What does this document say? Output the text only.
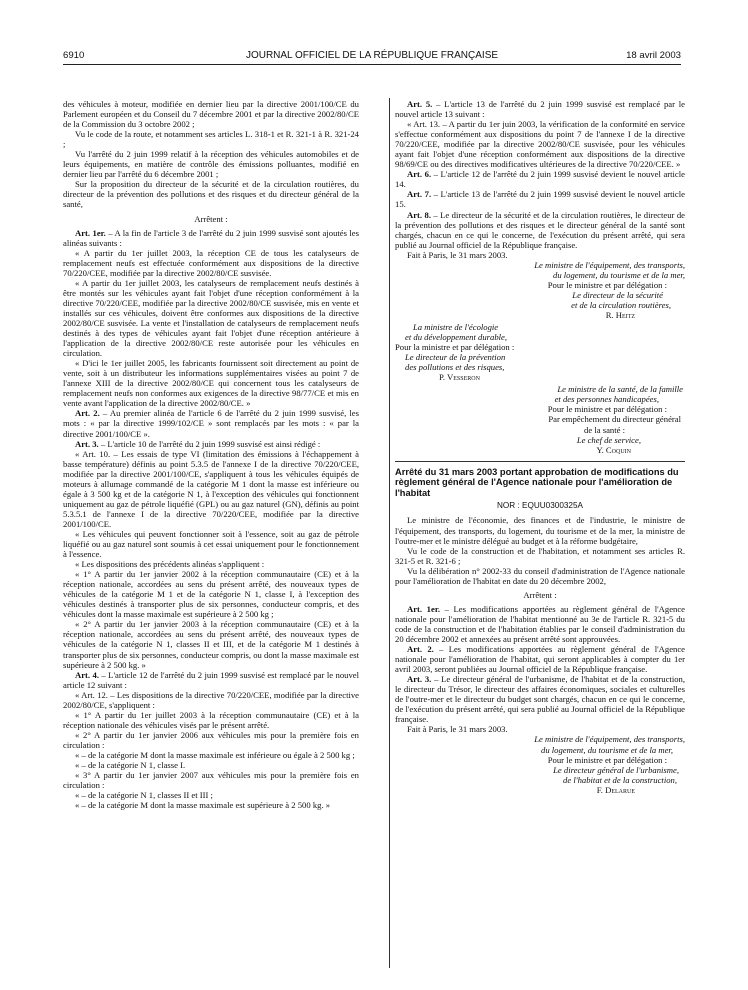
6910	JOURNAL OFFICIEL DE LA RÉPUBLIQUE FRANÇAISE	18 avril 2003

des véhicules à moteur, modifiée en dernier lieu par la directive 2001/100/CE du Parlement européen et du Conseil du 7 décembre 2001 et par la directive 2002/80/CE de la Commission du 3 octobre 2002 ;

Vu le code de la route, et notamment ses articles L. 318-1 et R. 321-1 à R. 321-24 ;

Vu l'arrêté du 2 juin 1999 relatif à la réception des véhicules automobiles et de leurs équipements, en matière de contrôle des émissions polluantes, modifié en dernier lieu par l'arrêté du 6 décembre 2001 ;

Sur la proposition du directeur de la sécurité et de la circulation routières, du directeur de la prévention des pollutions et des risques et du directeur général de la santé,

Arrêtent :

Art. 1er. – A la fin de l'article 3 de l'arrêté du 2 juin 1999 susvisé sont ajoutés les alinéas suivants :

« A partir du 1er juillet 2003, la réception CE de tous les catalyseurs de remplacement neufs est effectuée conformément aux dispositions de la directive 70/220/CEE, modifiée par la directive 2002/80/CE susvisée.

« A partir du 1er juillet 2003, les catalyseurs de remplacement neufs destinés à être montés sur les véhicules ayant fait l'objet d'une réception conformément à la directive 70/220/CEE, modifiée par la directive 2002/80/CE susvisée, mis en vente et installés sur ces véhicules, doivent être conformes aux dispositions de la directive 2002/80/CE susvisée. La vente et l'installation de catalyseurs de remplacement neufs destinés à des types de véhicules ayant fait l'objet d'une réception antérieure à l'application de la directive 2002/80/CE reste autorisée pour les véhicules en circulation.

« D'ici le 1er juillet 2005, les fabricants fournissent soit directement au point de vente, soit à un distributeur les informations supplémentaires visées au point 7 de l'annexe XIII de la directive 2002/80/CE qui concernent tous les catalyseurs de remplacement neufs non conformes aux exigences de la directive 98/77/CE et mis en vente avant l'application de la directive 2002/80/CE. »

Art. 2. – Au premier alinéa de l'article 6 de l'arrêté du 2 juin 1999 susvisé, les mots : « par la directive 1999/102/CE » sont remplacés par les mots : « par la directive 2001/100/CE ».

Art. 3. – L'article 10 de l'arrêté du 2 juin 1999 susvisé est ainsi rédigé :

« Art. 10. – Les essais de type VI (limitation des émissions à l'échappement à basse température) définis au point 5.3.5 de l'annexe I de la directive 70/220/CEE, modifiée par la directive 2001/100/CE, s'appliquent à tous les véhicules équipés de moteurs à allumage commandé de la catégorie M 1 dont la masse est inférieure ou égale à 3 500 kg et de la catégorie N 1, à l'exception des véhicules qui fonctionnent uniquement au gaz de pétrole liquéfié (GPL) ou au gaz naturel (GN), définis au point 5.3.5.1 de l'annexe I de la directive 70/220/CEE, modifiée par la directive 2001/100/CE.

« Les véhicules qui peuvent fonctionner soit à l'essence, soit au gaz de pétrole liquéfié ou au gaz naturel sont soumis à cet essai uniquement pour le fonctionnement à l'essence.

« Les dispositions des précédents alinéas s'appliquent :

« 1° A partir du 1er janvier 2002 à la réception communautaire (CE) et à la réception nationale, accordées au sens du présent arrêté, des nouveaux types de véhicules de la catégorie M 1 et de la catégorie N 1, classe I, à l'exception des véhicules destinés à transporter plus de six personnes, conducteur compris, et des véhicules dont la masse maximale est supérieure à 2 500 kg ;

« 2° A partir du 1er janvier 2003 à la réception communautaire (CE) et à la réception nationale, accordées au sens du présent arrêté, des nouveaux types de véhicules de la catégorie N 1, classes II et III, et de la catégorie M 1 destinés à transporter plus de six personnes, conducteur compris, ou dont la masse maximale est supérieure à 2 500 kg. »

Art. 4. – L'article 12 de l'arrêté du 2 juin 1999 susvisé est remplacé par le nouvel article 12 suivant :

« Art. 12. – Les dispositions de la directive 70/220/CEE, modifiée par la directive 2002/80/CE, s'appliquent :

« 1° A partir du 1er juillet 2003 à la réception communautaire (CE) et à la réception nationale des véhicules visés par le présent arrêté.

« 2° A partir du 1er janvier 2006 aux véhicules mis pour la première fois en circulation :

« – de la catégorie M dont la masse maximale est inférieure ou égale à 2 500 kg ;

« – de la catégorie N 1, classe I.

« 3° A partir du 1er janvier 2007 aux véhicules mis pour la première fois en circulation :

« – de la catégorie N 1, classes II et III ;

« – de la catégorie M dont la masse maximale est supérieure à 2 500 kg. »

Art. 5. – L'article 13 de l'arrêté du 2 juin 1999 susvisé est remplacé par le nouvel article 13 suivant :

« Art. 13. – A partir du 1er juin 2003, la vérification de la conformité en service s'effectue conformément aux dispositions du point 7 de l'annexe I de la directive 70/220/CEE, modifiée par la directive 2002/80/CE susvisée, pour les véhicules ayant fait l'objet d'une réception conformément aux dispositions de la directive 98/69/CE ou des directives modificatives ultérieures de la directive 70/220/CEE. »

Art. 6. – L'article 12 de l'arrêté du 2 juin 1999 susvisé devient le nouvel article 14.

Art. 7. – L'article 13 de l'arrêté du 2 juin 1999 susvisé devient le nouvel article 15.

Art. 8. – Le directeur de la sécurité et de la circulation routières, le directeur de la prévention des pollutions et des risques et le directeur général de la santé sont chargés, chacun en ce qui le concerne, de l'exécution du présent arrêté, qui sera publié au Journal officiel de la République française.

Fait à Paris, le 31 mars 2003.

Le ministre de l'équipement, des transports,
du logement, du tourisme et de la mer,
Pour le ministre et par délégation :
Le directeur de la sécurité
et de la circulation routières,
R. Heitz
La ministre de l'écologie
et du développement durable,
Pour la ministre et par délégation :
Le directeur de la prévention
des pollutions et des risques,
P. Vesseron
Le ministre de la santé, de la famille
et des personnes handicapées,
Pour le ministre et par délégation :
Par empêchement du directeur général
de la santé :
Le chef de service,
Y. Coquin

Arrêté du 31 mars 2003 portant approbation de modifications du règlement général de l'Agence nationale pour l'amélioration de l'habitat

NOR : EQUU0300325A

Le ministre de l'économie, des finances et de l'industrie, le ministre de l'équipement, des transports, du logement, du tourisme et de la mer, la ministre de l'outre-mer et le ministre délégué au budget et à la réforme budgétaire,

Vu le code de la construction et de l'habitation, et notamment ses articles R. 321-5 et R. 321-6 ;

Vu la délibération n° 2002-33 du conseil d'administration de l'Agence nationale pour l'amélioration de l'habitat en date du 20 décembre 2002,

Arrêtent :

Art. 1er. – Les modifications apportées au règlement général de l'Agence nationale pour l'amélioration de l'habitat mentionné au 3e de l'article R. 321-5 du code de la construction et de l'habitation établies par le conseil d'administration du 20 décembre 2002 et annexées au présent arrêté sont approuvées.

Art. 2. – Les modifications apportées au règlement général de l'Agence nationale pour l'amélioration de l'habitat, qui seront applicables à compter du 1er avril 2003, seront publiées au Journal officiel de la République française.

Art. 3. – Le directeur général de l'urbanisme, de l'habitat et de la construction, le directeur du Trésor, le directeur des affaires économiques, sociales et culturelles de l'outre-mer et le directeur du budget sont chargés, chacun en ce qui le concerne, de l'exécution du présent arrêté, qui sera publié au Journal officiel de la République française.

Fait à Paris, le 31 mars 2003.

Le ministre de l'équipement, des transports,
du logement, du tourisme et de la mer,
Pour le ministre et par délégation :
Le directeur général de l'urbanisme,
de l'habitat et de la construction,
F. Delarue
